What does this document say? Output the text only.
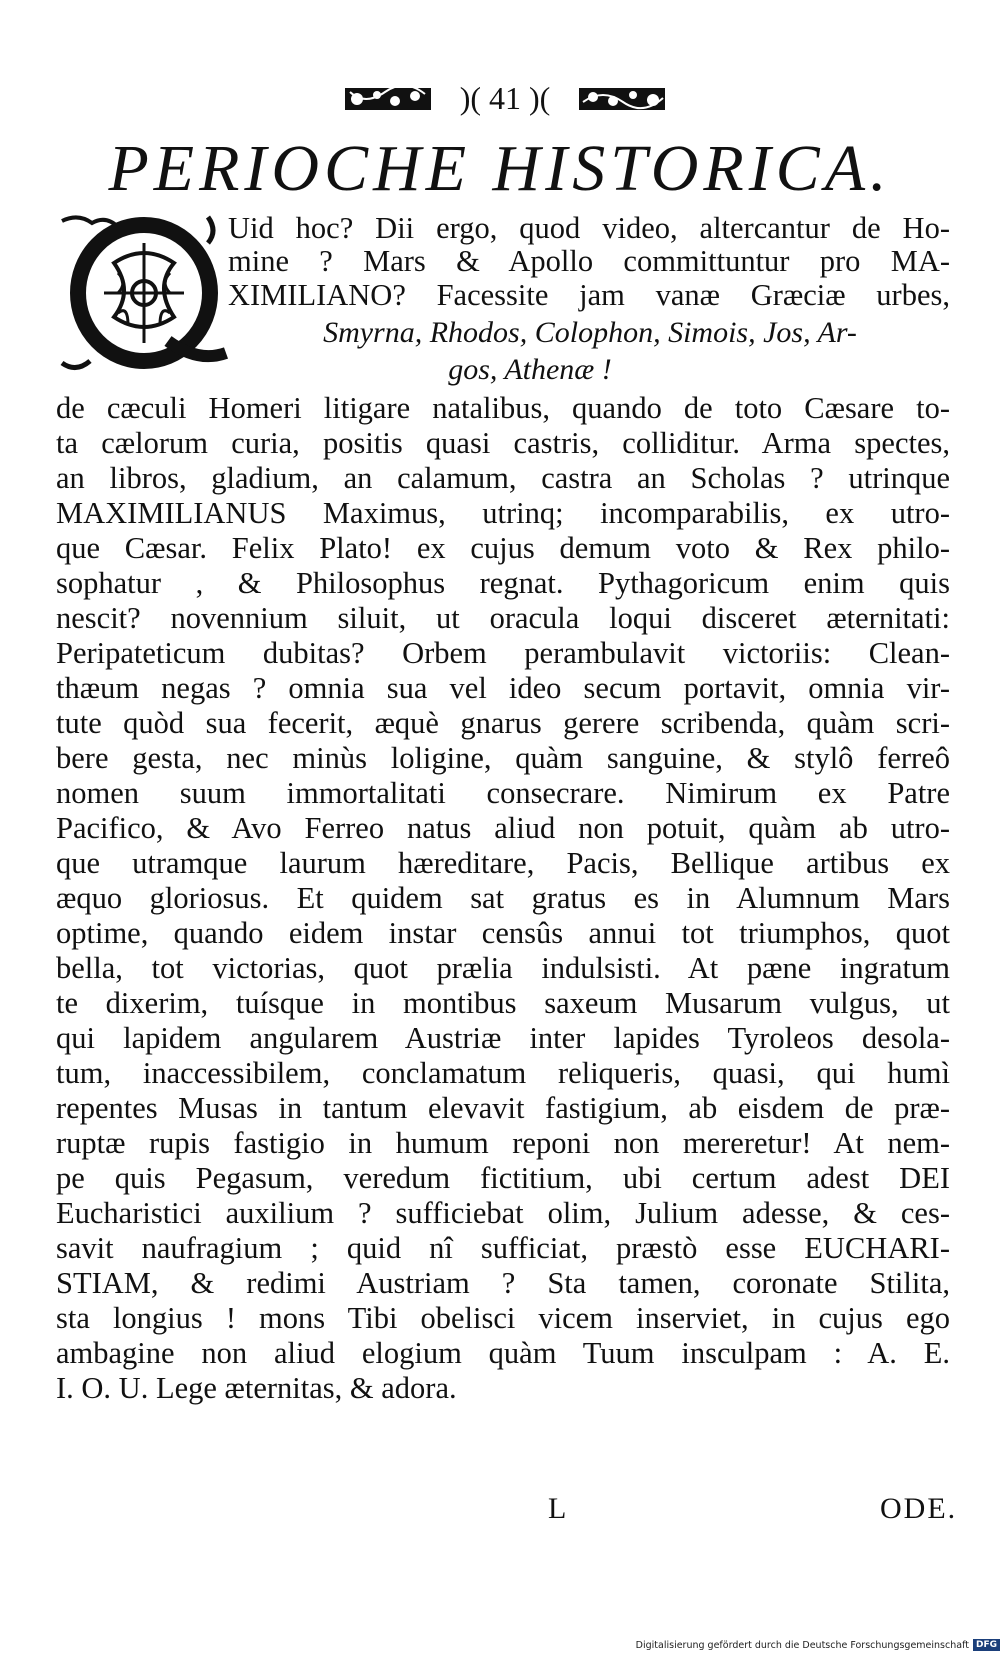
)( 41 )(
PERIOCHE HISTORICA.
Uid hoc? Dii ergo, quod video, altercantur de Ho-
mine ? Mars & Apollo committuntur pro MA-
XIMILIANO? Facessite jam vanæ Græciæ urbes,
Smyrna, Rhodos, Colophon, Simois, Jos, Ar-
gos, Athenæ !
de cæculi Homeri litigare natalibus, quando de toto Cæsare to-
ta cælorum curia, positis quasi castris, colliditur. Arma spectes,
an libros, gladium, an calamum, castra an Scholas ? utrinque
MAXIMILIANUS Maximus, utrinq; incomparabilis, ex utro-
que Cæsar. Felix Plato! ex cujus demum voto & Rex philo-
sophatur , & Philosophus regnat. Pythagoricum enim quis
nescit? novennium siluit, ut oracula loqui disceret æternitati:
Peripateticum dubitas? Orbem perambulavit victoriis: Clean-
thæum negas ? omnia sua vel ideo secum portavit, omnia vir-
tute quòd sua fecerit, æquè gnarus gerere scribenda, quàm scri-
bere gesta, nec minùs loligine, quàm sanguine, & stylô ferreô
nomen suum immortalitati consecrare. Nimirum ex Patre
Pacifico, & Avo Ferreo natus aliud non potuit, quàm ab utro-
que utramque laurum hæreditare, Pacis, Bellique artibus ex
æquo gloriosus. Et quidem sat gratus es in Alumnum Mars
optime, quando eidem instar censûs annui tot triumphos, quot
bella, tot victorias, quot prælia indulsisti. At pæne ingratum
te dixerim, tuísque in montibus saxeum Musarum vulgus, ut
qui lapidem angularem Austriæ inter lapides Tyroleos desola-
tum, inaccessibilem, conclamatum reliqueris, quasi, qui humì
repentes Musas in tantum elevavit fastigium, ab eisdem de præ-
ruptæ rupis fastigio in humum reponi non mereretur! At nem-
pe quis Pegasum, veredum fictitium, ubi certum adest DEI
Eucharistici auxilium ? sufficiebat olim, Julium adesse, & ces-
savit naufragium ; quid nî sufficiat, præstò esse EUCHARI-
STIAM, & redimi Austriam ? Sta tamen, coronate Stilita,
sta longius ! mons Tibi obelisci vicem inserviet, in cujus ego
ambagine non aliud elogium quàm Tuum insculpam : A. E.
I. O. U. Lege æternitas, & adora.
L	ODE.
Digitalisierung gefördert durch die Deutsche Forschungsgemeinschaft DFG
